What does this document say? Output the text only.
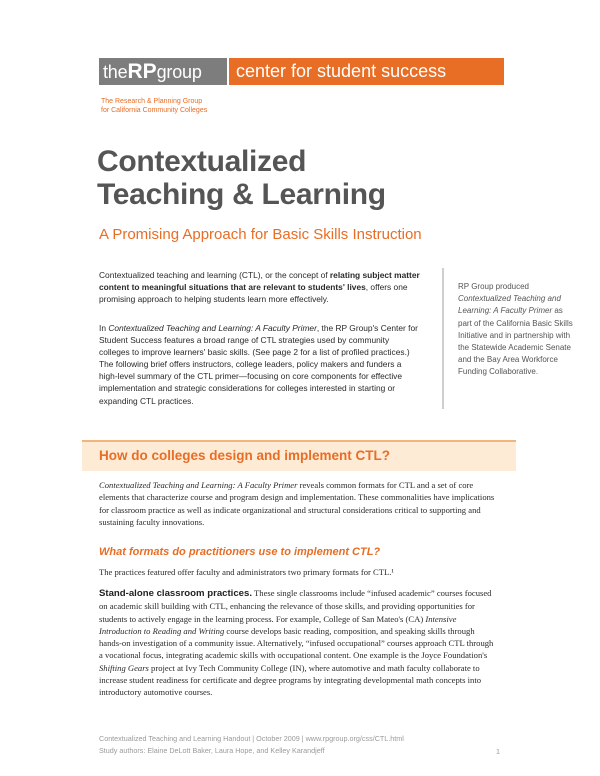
theRPgroup	center for student success
The Research & Planning Group
for California Community Colleges
Contextualized
Teaching & Learning
A Promising Approach for Basic Skills Instruction
Contextualized teaching and learning (CTL), or the concept of relating subject matter content to meaningful situations that are relevant to students' lives, offers one promising approach to helping students learn more effectively.
In Contextualized Teaching and Learning: A Faculty Primer, the RP Group's Center for Student Success features a broad range of CTL strategies used by community colleges to improve learners' basic skills. (See page 2 for a list of profiled practices.) The following brief offers instructors, college leaders, policy makers and funders a high-level summary of the CTL primer—focusing on core components for effective implementation and strategic considerations for colleges interested in starting or expanding CTL practices.
RP Group produced Contextualized Teaching and Learning: A Faculty Primer as part of the California Basic Skills Initiative and in partnership with the Statewide Academic Senate and the Bay Area Workforce Funding Collaborative.
How do colleges design and implement CTL?
Contextualized Teaching and Learning: A Faculty Primer reveals common formats for CTL and a set of core elements that characterize course and program design and implementation. These commonalities have implications for classroom practice as well as indicate organizational and structural considerations critical to supporting and sustaining faculty innovations.
What formats do practitioners use to implement CTL?
The practices featured offer faculty and administrators two primary formats for CTL.¹
Stand-alone classroom practices. These single classrooms include “infused academic” courses focused on academic skill building with CTL, enhancing the relevance of those skills, and providing opportunities for students to actively engage in the learning process. For example, College of San Mateo's (CA) Intensive Introduction to Reading and Writing course develops basic reading, composition, and speaking skills through hands-on investigation of a community issue. Alternatively, “infused occupational” courses approach CTL through a vocational focus, integrating academic skills with occupational content. One example is the Joyce Foundation's Shifting Gears project at Ivy Tech Community College (IN), where automotive and math faculty collaborate to increase student readiness for certificate and degree programs by integrating developmental math concepts into introductory automotive courses.
Contextualized Teaching and Learning Handout | October 2009 | www.rpgroup.org/css/CTL.html
Study authors: Elaine DeLott Baker, Laura Hope, and Kelley Karandjeff	1
